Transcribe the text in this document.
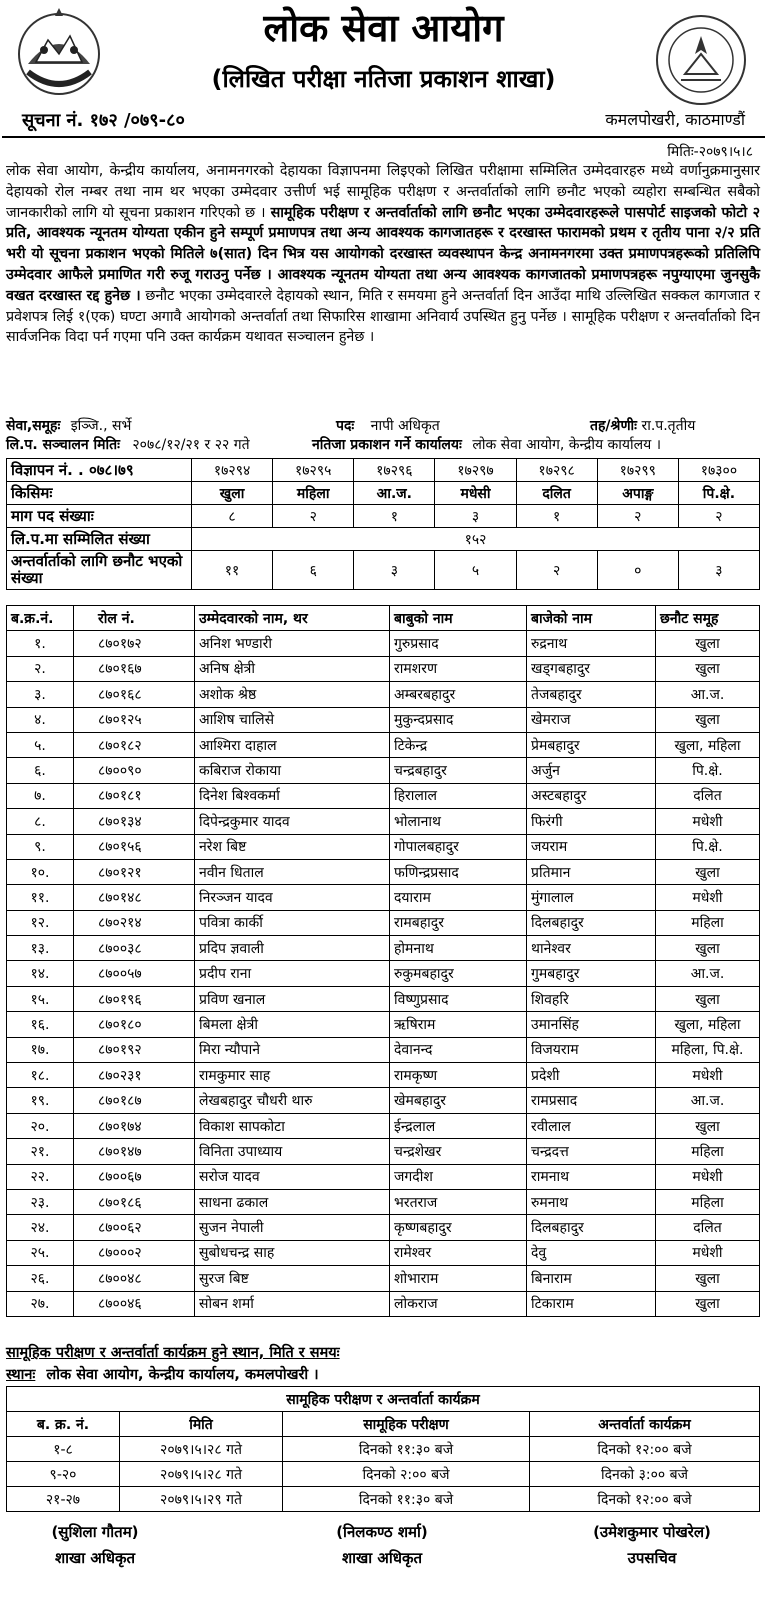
लोक सेवा आयोग
(लिखित परीक्षा नतिजा प्रकाशन शाखा)
सूचना नं. १७२ /०७९-८०	कमलपोखरी, काठमाण्डौं
मितिः-२०७९।५।८
लोक सेवा आयोग, केन्द्रीय कार्यालय, अनामनगरको देहायका विज्ञापनमा लिइएको लिखित परीक्षामा सम्मिलित उम्मेदवारहरु मध्ये वर्णानुक्रमानुसार देहायको रोल नम्बर तथा नाम थर भएका उम्मेदवार उत्तीर्ण भई सामूहिक परीक्षण र अन्तर्वार्ताको लागि छनौट भएको व्यहोरा सम्बन्धित सबैको जानकारीको लागि यो सूचना प्रकाशन गरिएको छ । सामूहिक परीक्षण र अन्तर्वार्ताको लागि छनौट भएका उम्मेदवारहरूले पासपोर्ट साइजको फोटो २ प्रति, आवश्यक न्यूनतम योग्यता एकीन हुने सम्पूर्ण प्रमाणपत्र तथा अन्य आवश्यक कागजातहरू र दरखास्त फारामको प्रथम र तृतीय पाना २/२ प्रति भरी यो सूचना प्रकाशन भएको मितिले ७(सात) दिन भित्र यस आयोगको दरखास्त व्यवस्थापन केन्द्र अनामनगरमा उक्त प्रमाणपत्रहरूको प्रतिलिपि उम्मेदवार आफैले प्रमाणित गरी रुजू गराउनु पर्नेछ । आवश्यक न्यूनतम योग्यता तथा अन्य आवश्यक कागजातको प्रमाणपत्रहरू नपुग्याएमा जुनसुकै वखत दरखास्त रद्द हुनेछ । छनौट भएका उम्मेदवारले देहायको स्थान, मिति र समयमा हुने अन्तर्वार्ता दिन आउँदा माथि उल्लिखित सक्कल कागजात र प्रवेशपत्र लिई १(एक) घण्टा अगावै आयोगको अन्तर्वार्ता तथा सिफारिस शाखामा अनिवार्य उपस्थित हुनु पर्नेछ । सामूहिक परीक्षण र अन्तर्वार्ताको दिन सार्वजनिक विदा पर्न गएमा पनि उक्त कार्यक्रम यथावत सञ्चालन हुनेछ ।
सेवा,समूहः इञ्जि., सर्भे	पदः नापी अधिकृत	तह/श्रेणीः रा.प.तृतीय
लि.प. सञ्चालन मितिः २०७८/१२/२१ र २२ गते	नतिजा प्रकाशन गर्ने कार्यालयः लोक सेवा आयोग, केन्द्रीय कार्यालय ।
विज्ञापन नं. . ०७८।७९	१७२९४	१७२९५	१७२९६	१७२९७	१७२९८	१७२९९	१७३००
किसिमः	खुला	महिला	आ.ज.	मधेसी	दलित	अपाङ्ग	पि.क्षे.
माग पद संख्याः	८	२	१	३	१	२	२
लि.प.मा सम्मिलित संख्या	१५२						
अन्तर्वार्ताको लागि छनौट भएको संख्या	११	६	३	५	२	०	३
ब.क्र.नं.	रोल नं.	उम्मेदवारको नाम, थर	बाबुको नाम	बाजेको नाम	छनौट समूह
१.	८७०१७२	अनिश भण्डारी	गुरुप्रसाद	रुद्रनाथ	खुला
२.	८७०१६७	अनिष क्षेत्री	रामशरण	खड्गबहादुर	खुला
३.	८७०१६८	अशोक श्रेष्ठ	अम्बरबहादुर	तेजबहादुर	आ.ज.
४.	८७०१२५	आशिष चालिसे	मुकुन्दप्रसाद	खेमराज	खुला
५.	८७०१८२	आश्मिरा दाहाल	टिकेन्द्र	प्रेमबहादुर	खुला, महिला
६.	८७००९०	कबिराज रोकाया	चन्द्रबहादुर	अर्जुन	पि.क्षे.
७.	८७०१८१	दिनेश बिश्वकर्मा	हिरालाल	अस्टबहादुर	दलित
८.	८७०१३४	दिपेन्द्रकुमार यादव	भोलानाथ	फिरंगी	मधेशी
९.	८७०१५६	नरेश बिष्ट	गोपालबहादुर	जयराम	पि.क्षे.
१०.	८७०१२१	नवीन धिताल	फणिन्द्रप्रसाद	प्रतिमान	खुला
११.	८७०१४८	निरञ्जन यादव	दयाराम	मुंगालाल	मधेशी
१२.	८७०२१४	पवित्रा कार्की	रामबहादुर	दिलबहादुर	महिला
१३.	८७००३८	प्रदिप ज्ञवाली	होमनाथ	थानेश्वर	खुला
१४.	८७००५७	प्रदीप राना	रुकुमबहादुर	गुमबहादुर	आ.ज.
१५.	८७०१९६	प्रविण खनाल	विष्णुप्रसाद	शिवहरि	खुला
१६.	८७०१८०	बिमला क्षेत्री	ऋषिराम	उमानसिंह	खुला, महिला
१७.	८७०१९२	मिरा न्यौपाने	देवानन्द	विजयराम	महिला, पि.क्षे.
१८.	८७०२३१	रामकुमार साह	रामकृष्ण	प्रदेशी	मधेशी
१९.	८७०१८७	लेखबहादुर चौधरी थारु	खेमबहादुर	रामप्रसाद	आ.ज.
२०.	८७०१७४	विकाश सापकोटा	ईन्द्रलाल	रवीलाल	खुला
२१.	८७०१४७	विनिता उपाध्याय	चन्द्रशेखर	चन्द्रदत्त	महिला
२२.	८७००६७	सरोज यादव	जगदीश	रामनाथ	मधेशी
२३.	८७०१८६	साधना ढकाल	भरतराज	रुमनाथ	महिला
२४.	८७००६२	सुजन नेपाली	कृष्णबहादुर	दिलबहादुर	दलित
२५.	८७०००२	सुबोधचन्द्र साह	रामेश्वर	देवु	मधेशी
२६.	८७००४८	सुरज बिष्ट	शोभाराम	बिनाराम	खुला
२७.	८७००४६	सोबन शर्मा	लोकराज	टिकाराम	खुला
सामूहिक परीक्षण र अन्तर्वार्ता कार्यक्रम हुने स्थान, मिति र समयः
स्थानः लोक सेवा आयोग, केन्द्रीय कार्यालय, कमलपोखरी ।
सामूहिक परीक्षण र अन्तर्वार्ता कार्यक्रम			
ब. क्र. नं.	मिति	सामूहिक परीक्षण	अन्तर्वार्ता कार्यक्रम
१-८	२०७९।५।२८ गते	दिनको ११:३० बजे	दिनको १२:०० बजे
९-२०	२०७९।५।२८ गते	दिनको २:०० बजे	दिनको ३:०० बजे
२१-२७	२०७९।५।२९ गते	दिनको ११:३० बजे	दिनको १२:०० बजे
(सुशिला गौतम)
शाखा अधिकृत
(निलकण्ठ शर्मा)
शाखा अधिकृत
(उमेशकुमार पोखरेल)
उपसचिव
